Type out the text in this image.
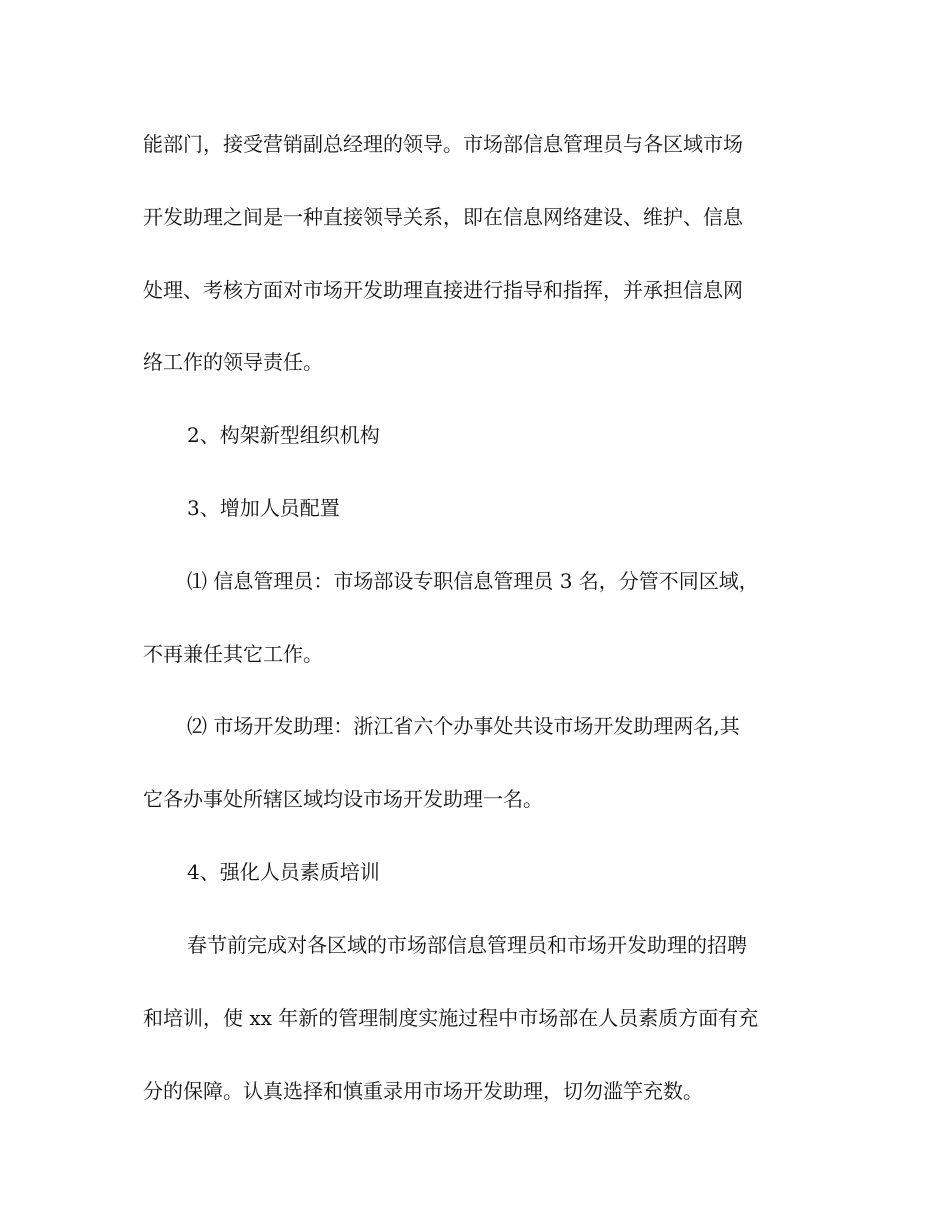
能部门，接受营销副总经理的领导。市场部信息管理员与各区域市场
开发助理之间是一种直接领导关系，即在信息网络建设、维护、信息
处理、考核方面对市场开发助理直接进行指导和指挥，并承担信息网
络工作的领导责任。
2、构架新型组织机构
3、增加人员配置
⑴ 信息管理员：市场部设专职信息管理员 3 名，分管不同区域，
不再兼任其它工作。
⑵ 市场开发助理：浙江省六个办事处共设市场开发助理两名,其
它各办事处所辖区域均设市场开发助理一名。
4、强化人员素质培训
春节前完成对各区域的市场部信息管理员和市场开发助理的招聘
和培训，使 xx 年新的管理制度实施过程中市场部在人员素质方面有充
分的保障。认真选择和慎重录用市场开发助理，切勿滥竽充数。
